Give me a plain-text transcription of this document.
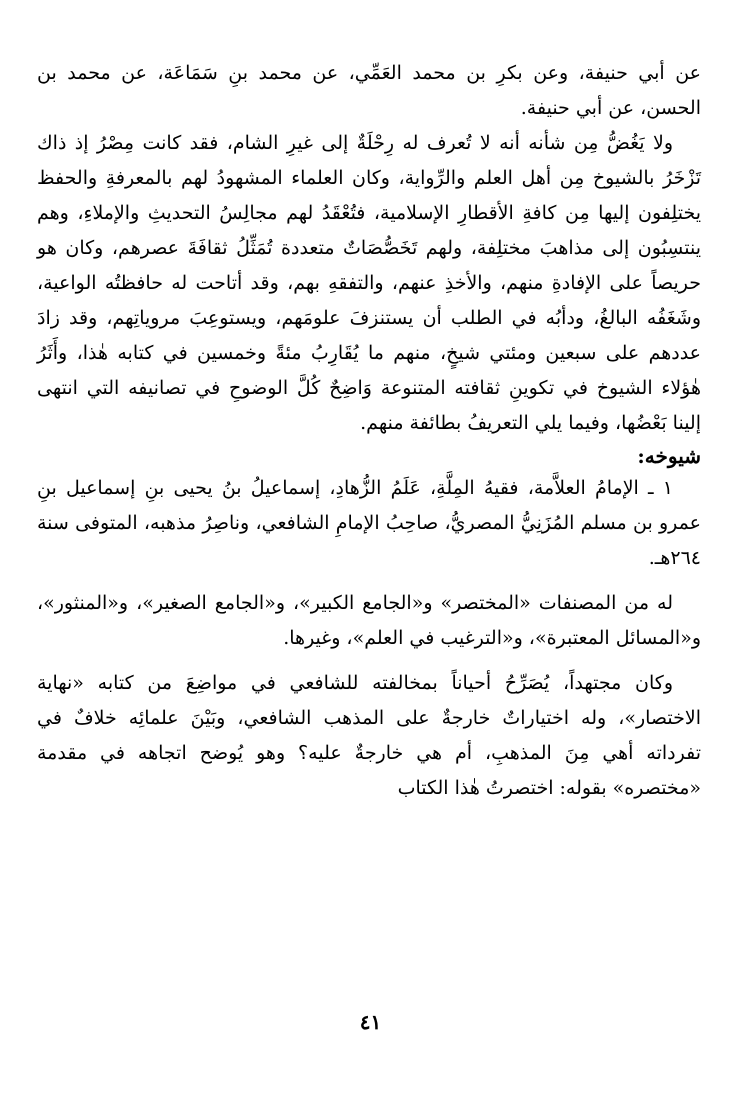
عن أبي حنيفة، وعن بكرِ بن محمد العَمِّي، عن محمد بنِ سَمَاعَة، عن محمد بن الحسن، عن أبي حنيفة.

ولا يَغُضُّ مِن شأنه أنه لا تُعرف له رِحْلَةٌ إلى غيرِ الشام، فقد كانت مِصْرُ إذ ذاك تَزْخَرُ بالشيوخ مِن أهل العلم والرِّواية، وكان العلماء المشهودُ لهم بالمعرفةِ والحفظ يختلِفون إليها مِن كافةِ الأقطارِ الإسلامية، فتُعْقَدُ لهم مجالِسُ التحديثِ والإملاءِ، وهم ينتسِبُون إلى مذاهبَ مختلِفة، ولهم تَخَصُّصَاتٌ متعددة تُمَثِّلُ ثقافَةَ عصرهم، وكان هو حريصاً على الإفادةِ منهم، والأخذِ عنهم، والتفقهِ بهم، وقد أتاحت له حافظتُه الواعية، وشَغَفُه البالغُ، ودأبُه في الطلب أن يستنزفَ علومَهم، ويستوعِبَ مروياتِهم، وقد زادَ عددهم على سبعين ومئتي شيخٍ، منهم ما يُقَارِبُ مئةً وخمسين في كتابه هٰذا، وأَثَرُ هٰؤلاء الشيوخ في تكوينِ ثقافته المتنوعة وَاضِحٌ كُلَّ الوضوحِ في تصانيفه التي انتهى إلينا بَعْضُها، وفيما يلي التعريفُ بطائفة منهم.

شيوخه:

١ ـ الإمامُ العلاَّمة، فقيهُ المِلَّةِ، عَلَمُ الزُّهادِ، إسماعيلُ بنُ يحيى بنِ إسماعيل بنِ عمرو بن مسلم المُزَنِيُّ المصريُّ، صاحِبُ الإمامِ الشافعي، وناصِرُ مذهبه، المتوفى سنة ٢٦٤هـ.

له من المصنفات «المختصر» و«الجامع الكبير»، و«الجامع الصغير»، و«المنثور»، و«المسائل المعتبرة»، و«الترغيب في العلم»، وغيرها.

وكان مجتهداً، يُصَرِّحُ أحياناً بمخالفته للشافعي في مواضِعَ من كتابه «نهاية الاختصار»، وله اختياراتٌ خارجةٌ على المذهب الشافعي، وبَيْنَ علمائِه خلافٌ في تفرداته أهي مِنَ المذهبِ، أم هي خارجةٌ عليه؟ وهو يُوضح اتجاهه في مقدمة «مختصره» بقوله: اختصرتُ هٰذا الكتاب

٤١
